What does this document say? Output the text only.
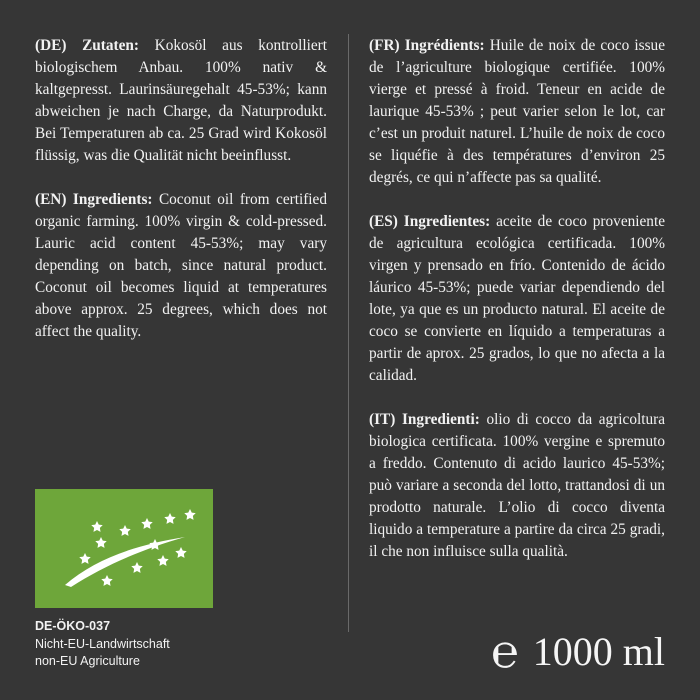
(DE) Zutaten: Kokosöl aus kontrolliert biologischem Anbau. 100% nativ & kaltgepresst. Laurinsäuregehalt 45-53%; kann abweichen je nach Charge, da Naturprodukt. Bei Temperaturen ab ca. 25 Grad wird Kokosöl flüssig, was die Qualität nicht beeinflusst.

(EN) Ingredients: Coconut oil from certified organic farming. 100% virgin & cold-pressed. Lauric acid content 45-53%; may vary depending on batch, since natural product. Coconut oil becomes liquid at temperatures above approx. 25 degrees, which does not affect the quality.

(FR) Ingrédients: Huile de noix de coco issue de l’agriculture biologique certifiée. 100% vierge et pressé à froid. Teneur en acide de laurique 45-53% ; peut varier selon le lot, car c’est un produit naturel. L’huile de noix de coco se liquéfie à des températures d’environ 25 degrés, ce qui n’affecte pas sa qualité.

(ES) Ingredientes: aceite de coco proveniente de agricultura ecológica certificada. 100% virgen y prensado en frío. Contenido de ácido láurico 45-53%; puede variar dependiendo del lote, ya que es un producto natural. El aceite de coco se convierte en líquido a temperaturas a partir de aprox. 25 grados, lo que no afecta a la calidad.

(IT) Ingredienti: olio di cocco da agricoltura biologica certificata. 100% vergine e spremuto a freddo. Contenuto di acido laurico 45-53%; può variare a seconda del lotto, trattandosi di un prodotto naturale. L’olio di cocco diventa liquido a temperature a partire da circa 25 gradi, il che non influisce sulla qualità.

DE-ÖKO-037
Nicht-EU-Landwirtschaft
non-EU Agriculture	℮ 1000 ml
